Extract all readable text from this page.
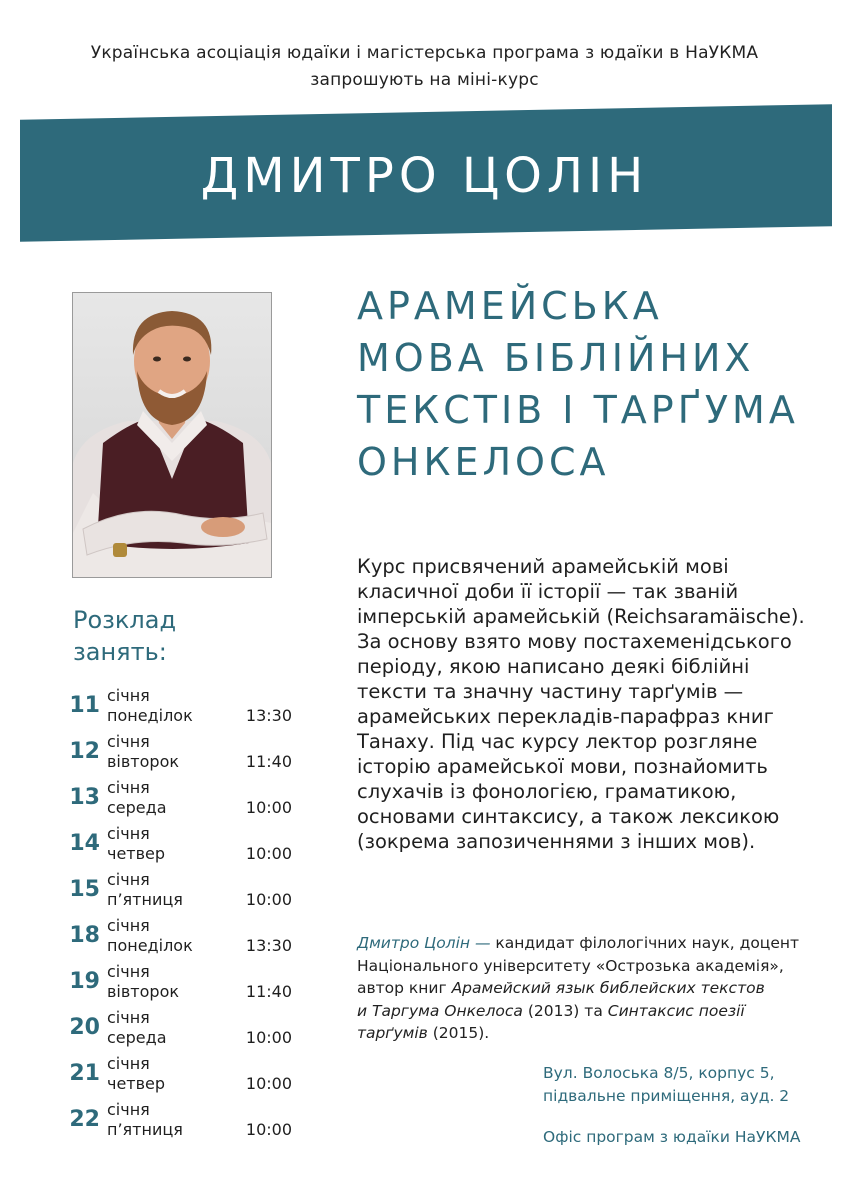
Українська асоціація юдаїки і магістерська програма з юдаїки в НаУКМА
запрошують на міні-курс
ДМИТРО ЦОЛІН
АРАМЕЙСЬКА
МОВА БІБЛІЙНИХ
ТЕКСТІВ І ТАРҐУМА
ОНКЕЛОСА
Курс присвячений арамейській мові
класичної доби її історії — так званій
імперській арамейській (Reichsaramäische).
За основу взято мову постахеменідського
періоду, якою написано деякі біблійні
тексти та значну частину тарґумів —
арамейських перекладів-парафраз книг
Танаху. Під час курсу лектор розгляне
історію арамейської мови, познайомить
слухачів із фонологією, граматикою,
основами синтаксису, а також лексикою
(зокрема запозиченнями з інших мов).
Дмитро Цолін — кандидат філологічних наук, доцент
Національного університету «Острозька академія»,
автор книг Арамейский язык библейских текстов
и Таргума Онкелоса (2013) та Синтаксис поезії
тарґумів (2015).
Вул. Волоська 8/5, корпус 5,
підвальне приміщення, ауд. 2
Офіс програм з юдаїки НаУКМА
Розклад
занять:
11 січня
понеділок	13:30
12 січня
вівторок	11:40
13 січня
середа	10:00
14 січня
четвер	10:00
15 січня
п’ятниця	10:00
18 січня
понеділок	13:30
19 січня
вівторок	11:40
20 січня
середа	10:00
21 січня
четвер	10:00
22 січня
п’ятниця	10:00
